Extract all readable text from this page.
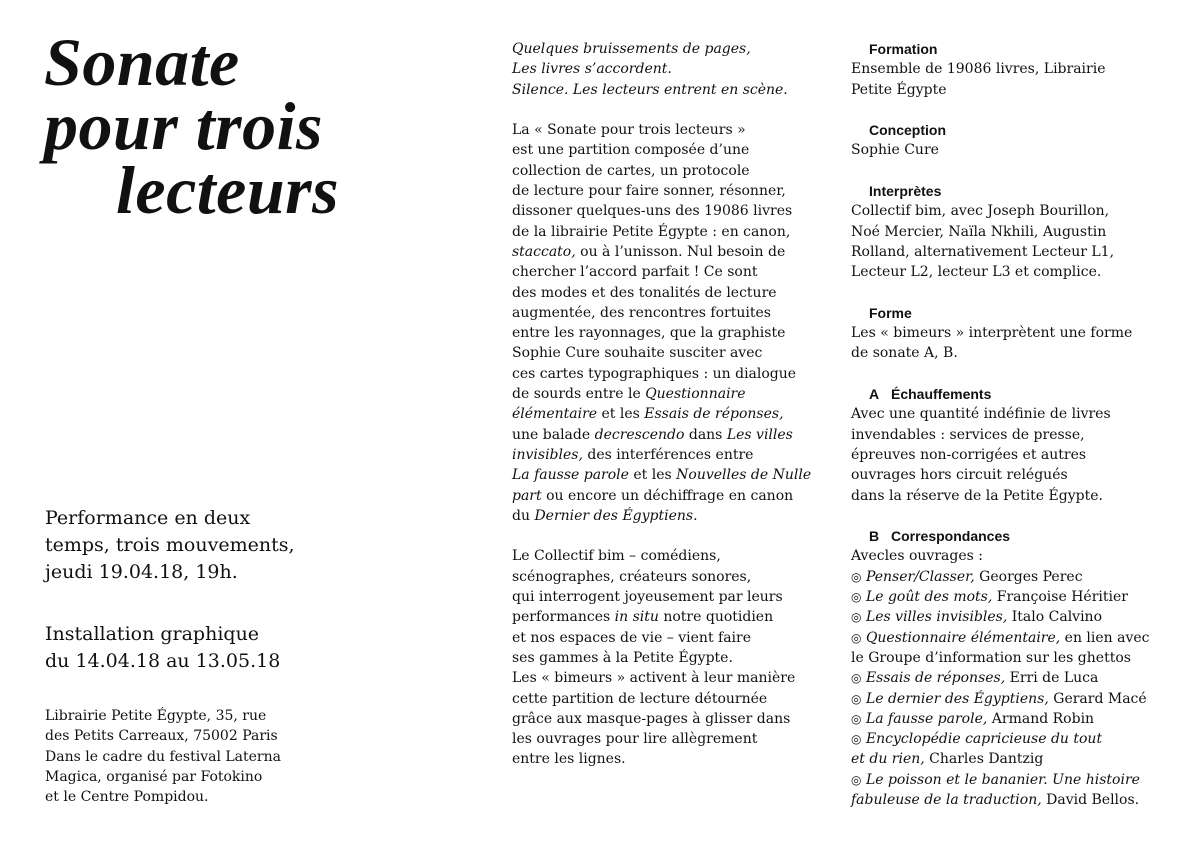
Sonate
pour trois
lecteurs
Performance en deux
temps, trois mouvements,
jeudi 19.04.18, 19h.
Installation graphique
du 14.04.18 au 13.05.18
Librairie Petite Égypte, 35, rue
des Petits Carreaux, 75002 Paris
Dans le cadre du festival Laterna
Magica, organisé par Fotokino
et le Centre Pompidou.
Quelques bruissements de pages,
Les livres s’accordent.
Silence. Les lecteurs entrent en scène.
La « Sonate pour trois lecteurs »
est une partition composée d’une
collection de cartes, un protocole
de lecture pour faire sonner, résonner,
dissoner quelques-uns des 19086 livres
de la librairie Petite Égypte : en canon,
staccato, ou à l’unisson. Nul besoin de
chercher l’accord parfait ! Ce sont
des modes et des tonalités de lecture
augmentée, des rencontres fortuites
entre les rayonnages, que la graphiste
Sophie Cure souhaite susciter avec
ces cartes typographiques : un dialogue
de sourds entre le Questionnaire
élémentaire et les Essais de réponses,
une balade decrescendo dans Les villes
invisibles, des interférences entre
La fausse parole et les Nouvelles de Nulle
part ou encore un déchiffrage en canon
du Dernier des Égyptiens.
Le Collectif bim – comédiens,
scénographes, créateurs sonores,
qui interrogent joyeusement par leurs
performances in situ notre quotidien
et nos espaces de vie – vient faire
ses gammes à la Petite Égypte.
Les « bimeurs » activent à leur manière
cette partition de lecture détournée
grâce aux masque-pages à glisser dans
les ouvrages pour lire allègrement
entre les lignes.
Formation
Ensemble de 19086 livres, Librairie
Petite Égypte
Conception
Sophie Cure
Interprètes
Collectif bim, avec Joseph Bourillon,
Noé Mercier, Naïla Nkhili, Augustin
Rolland, alternativement Lecteur L1,
Lecteur L2, lecteur L3 et complice.
Forme
Les « bimeurs » interprètent une forme
de sonate A, B.
A Échauffements
Avec une quantité indéfinie de livres
invendables : services de presse,
épreuves non-corrigées et autres
ouvrages hors circuit relégués
dans la réserve de la Petite Égypte.
B Correspondances
Avecles ouvrages :
◎ Penser/Classer, Georges Perec
◎ Le goût des mots, Françoise Héritier
◎ Les villes invisibles, Italo Calvino
◎ Questionnaire élémentaire, en lien avec
le Groupe d’information sur les ghettos
◎ Essais de réponses, Erri de Luca
◎ Le dernier des Égyptiens, Gerard Macé
◎ La fausse parole, Armand Robin
◎ Encyclopédie capricieuse du tout
et du rien, Charles Dantzig
◎ Le poisson et le bananier. Une histoire
fabuleuse de la traduction, David Bellos.
